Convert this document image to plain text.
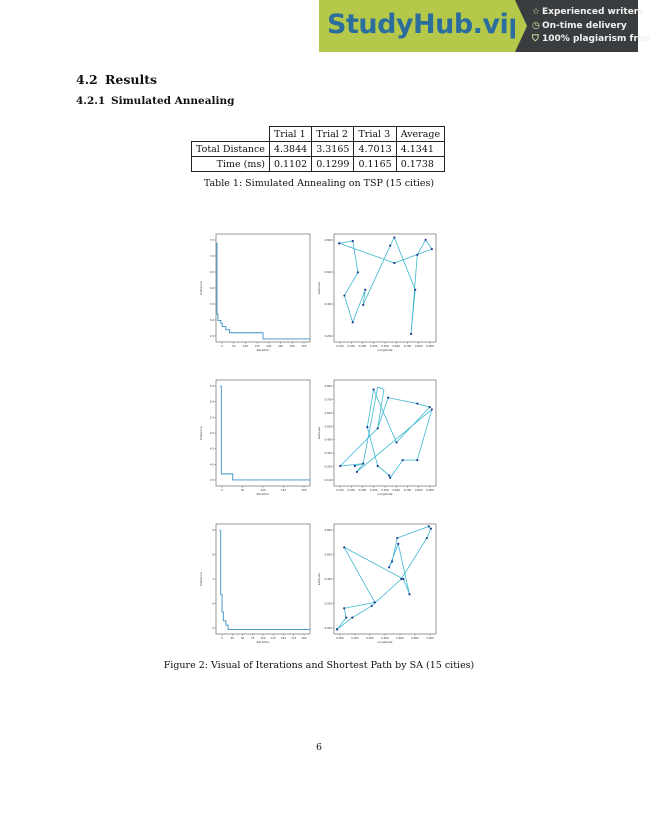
StudyHub.vip ☆ Experienced writers
◷ On-time delivery
⛉ 100% plagiarism free
4.2 Results
4.2.1 Simulated Annealing
	Trial 1	Trial 2	Trial 3	Average
Total Distance	4.3844	3.3165	4.7013	4.1341
Time (ms)	0.1102	0.1299	0.1165	0.1738
Table 1: Simulated Annealing on TSP (15 cities)
0	50	100	150	200	250	300	350
4.5
5.0
5.5
6.0
6.5
7.0
7.5
Iteration
Distance
0.100 0.200 0.300 0.400 0.500 0.600 0.700 0.800 0.900
0.200
0.400
0.600
0.800
Longitude
Latitude
0	50	100	150	200
3.5
4.0
4.5
5.0
5.5
6.0
6.5
Iteration
Distance
0.100 0.200 0.300 0.400 0.500 0.600 0.700 0.800 0.900
0.100
0.200
0.300
0.400
0.500
0.600
0.700
0.800
Longitude
Latitude
0	25	50	75 100 125 150 175 200
5
6
7
8
9
Iteration
Distance
0.050	0.100	0.200	0.400	0.600	0.800	1.000
0.000
0.200
0.400
0.600
0.800
Longitude
Latitude
Figure 2: Visual of Iterations and Shortest Path by SA (15 cities)
6
